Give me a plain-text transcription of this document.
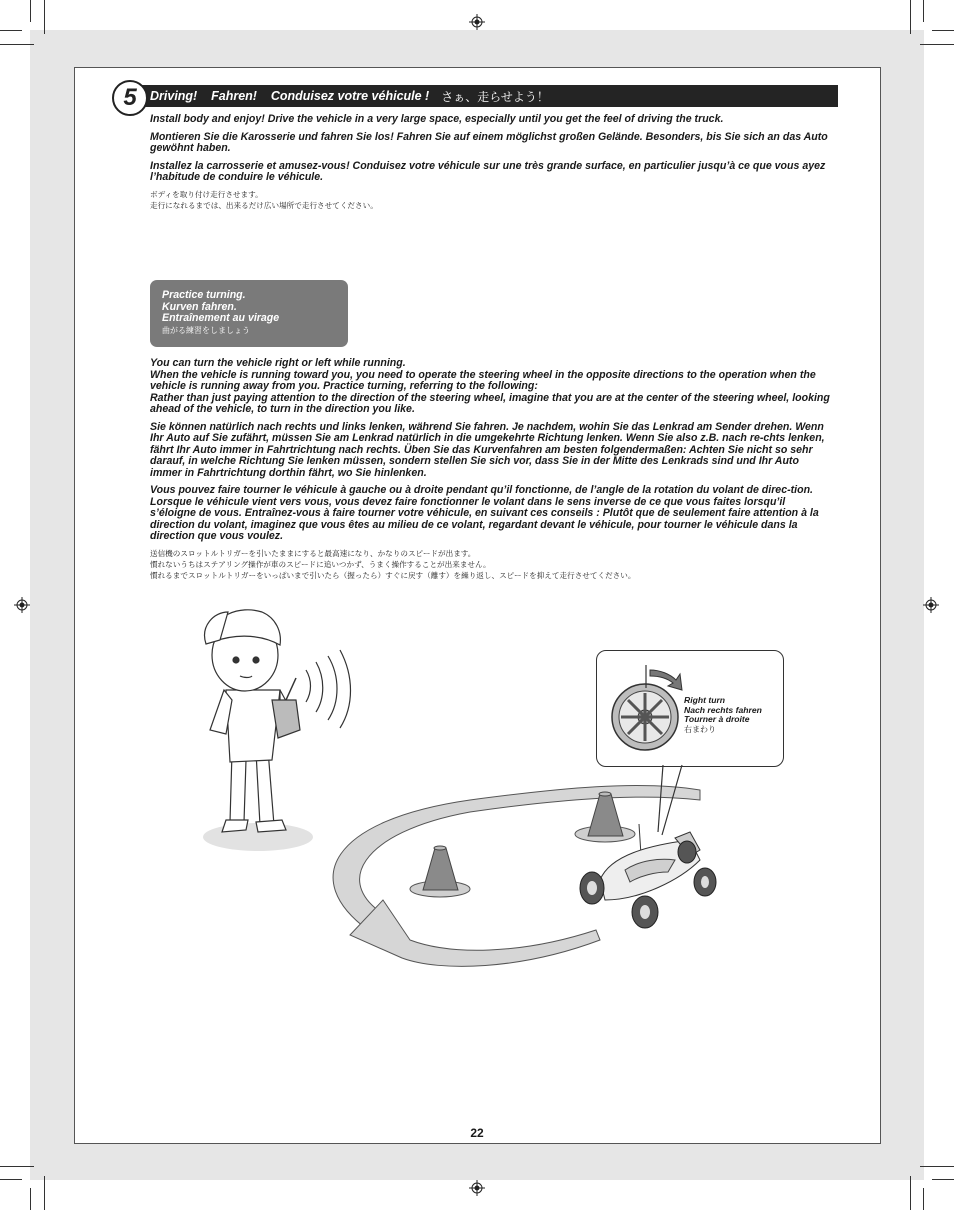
5 Driving!    Fahren!    Conduisez votre véhicule ! さぁ、走らせよう！

Install body and enjoy! Drive the vehicle in a very large space, especially until you get the feel of driving the truck.

Montieren Sie die Karosserie und fahren Sie los! Fahren Sie auf einem möglichst großen Gelände. Besonders, bis Sie sich an das Auto gewöhnt haben.

Installez la carrosserie et amusez-vous! Conduisez votre véhicule sur une très grande surface, en particulier jusqu’à ce que vous ayez l’habitude de conduire le véhicule.

ボディを取り付け走行させます。

走行になれるまでは、出来るだけ広い場所で走行させてください。

Practice turning.
Kurven fahren.
Entraînement au virage
曲がる練習をしましょう

You can turn the vehicle right or left while running.
When the vehicle is running toward you, you need to operate the steering wheel in the opposite directions to the operation when the vehicle is running away from you. Practice turning, referring to the following:
Rather than just paying attention to the direction of the steering wheel, imagine that you are at the center of the steering wheel, looking ahead of the vehicle, to turn in the direction you like.

Sie können natürlich nach rechts und links lenken, während Sie fahren. Je nachdem, wohin Sie das Lenkrad am Sender drehen. Wenn Ihr Auto auf Sie zufährt, müssen Sie am Lenkrad natürlich in die umgekehrte Richtung lenken. Wenn Sie also z.B. nach re-chts lenken, fährt Ihr Auto immer in Fahrtrichtung nach rechts. Üben Sie das Kurvenfahren am besten folgendermaßen: Achten Sie nicht so sehr darauf, in welche Richtung Sie lenken müssen, sondern stellen Sie sich vor, dass Sie in der Mitte des Lenkrads sind und Ihr Auto immer in Fahrtrichtung dorthin fährt, wo Sie hinlenken.

Vous pouvez faire tourner le véhicule à gauche ou à droite pendant qu’il fonctionne, de l’angle de la rotation du volant de direc-tion. Lorsque le véhicule vient vers vous, vous devez faire fonctionner le volant dans le sens inverse de ce que vous faites lorsqu’il s’éloigne de vous. Entraînez-vous à faire tourner votre véhicule, en suivant ces conseils : Plutôt que de seulement faire attention à la direction du volant, imaginez que vous êtes au milieu de ce volant, regardant devant le véhicule, pour tourner le véhicule dans la direction que vous voulez.

送信機のスロットルトリガーを引いたままにすると最高速になり、かなりのスピードが出ます。

慣れないうちはステアリング操作が車のスピードに追いつかず、うまく操作することが出来ません。

慣れるまでスロットルトリガーをいっぱいまで引いたら（握ったら）すぐに戻す（離す）を繰り返し、スピードを抑えて走行させてください。

Right turn
Nach rechts fahren
Tourner à droite
右まわり
22
